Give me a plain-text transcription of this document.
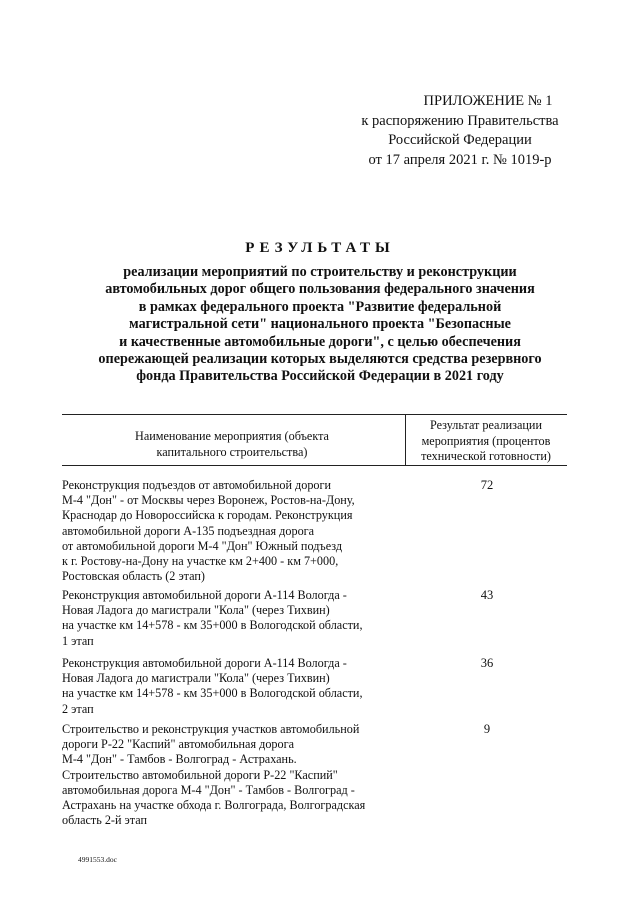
ПРИЛОЖЕНИЕ № 1
к распоряжению Правительства
Российской Федерации
от 17 апреля 2021 г. № 1019-р
РЕЗУЛЬТАТЫ
реализации мероприятий по строительству и реконструкции
автомобильных дорог общего пользования федерального значения
в рамках федерального проекта "Развитие федеральной
магистральной сети" национального проекта "Безопасные
и качественные автомобильные дороги", с целью обеспечения
опережающей реализации которых выделяются средства резервного
фонда Правительства Российской Федерации в 2021 году
Наименование мероприятия (объекта
капитального строительства)
Результат реализации
мероприятия (процентов
технической готовности)
Реконструкция подъездов от автомобильной дороги
М-4 "Дон" - от Москвы через Воронеж, Ростов-на-Дону,
Краснодар до Новороссийска к городам. Реконструкция
автомобильной дороги А-135 подъездная дорога
от автомобильной дороги М-4 "Дон" Южный подъезд
к г. Ростову-на-Дону на участке км 2+400 - км 7+000,
Ростовская область (2 этап)
72
Реконструкция автомобильной дороги А-114 Вологда -
Новая Ладога до магистрали "Кола" (через Тихвин)
на участке км 14+578 - км 35+000 в Вологодской области,
1 этап
43
Реконструкция автомобильной дороги А-114 Вологда -
Новая Ладога до магистрали "Кола" (через Тихвин)
на участке км 14+578 - км 35+000 в Вологодской области,
2 этап
36
Строительство и реконструкция участков автомобильной
дороги Р-22 "Каспий" автомобильная дорога
М-4 "Дон" - Тамбов - Волгоград - Астрахань.
Строительство автомобильной дороги Р-22 "Каспий"
автомобильная дорога М-4 "Дон" - Тамбов - Волгоград -
Астрахань на участке обхода г. Волгограда, Волгоградская
область 2-й этап
9
4991553.doc
